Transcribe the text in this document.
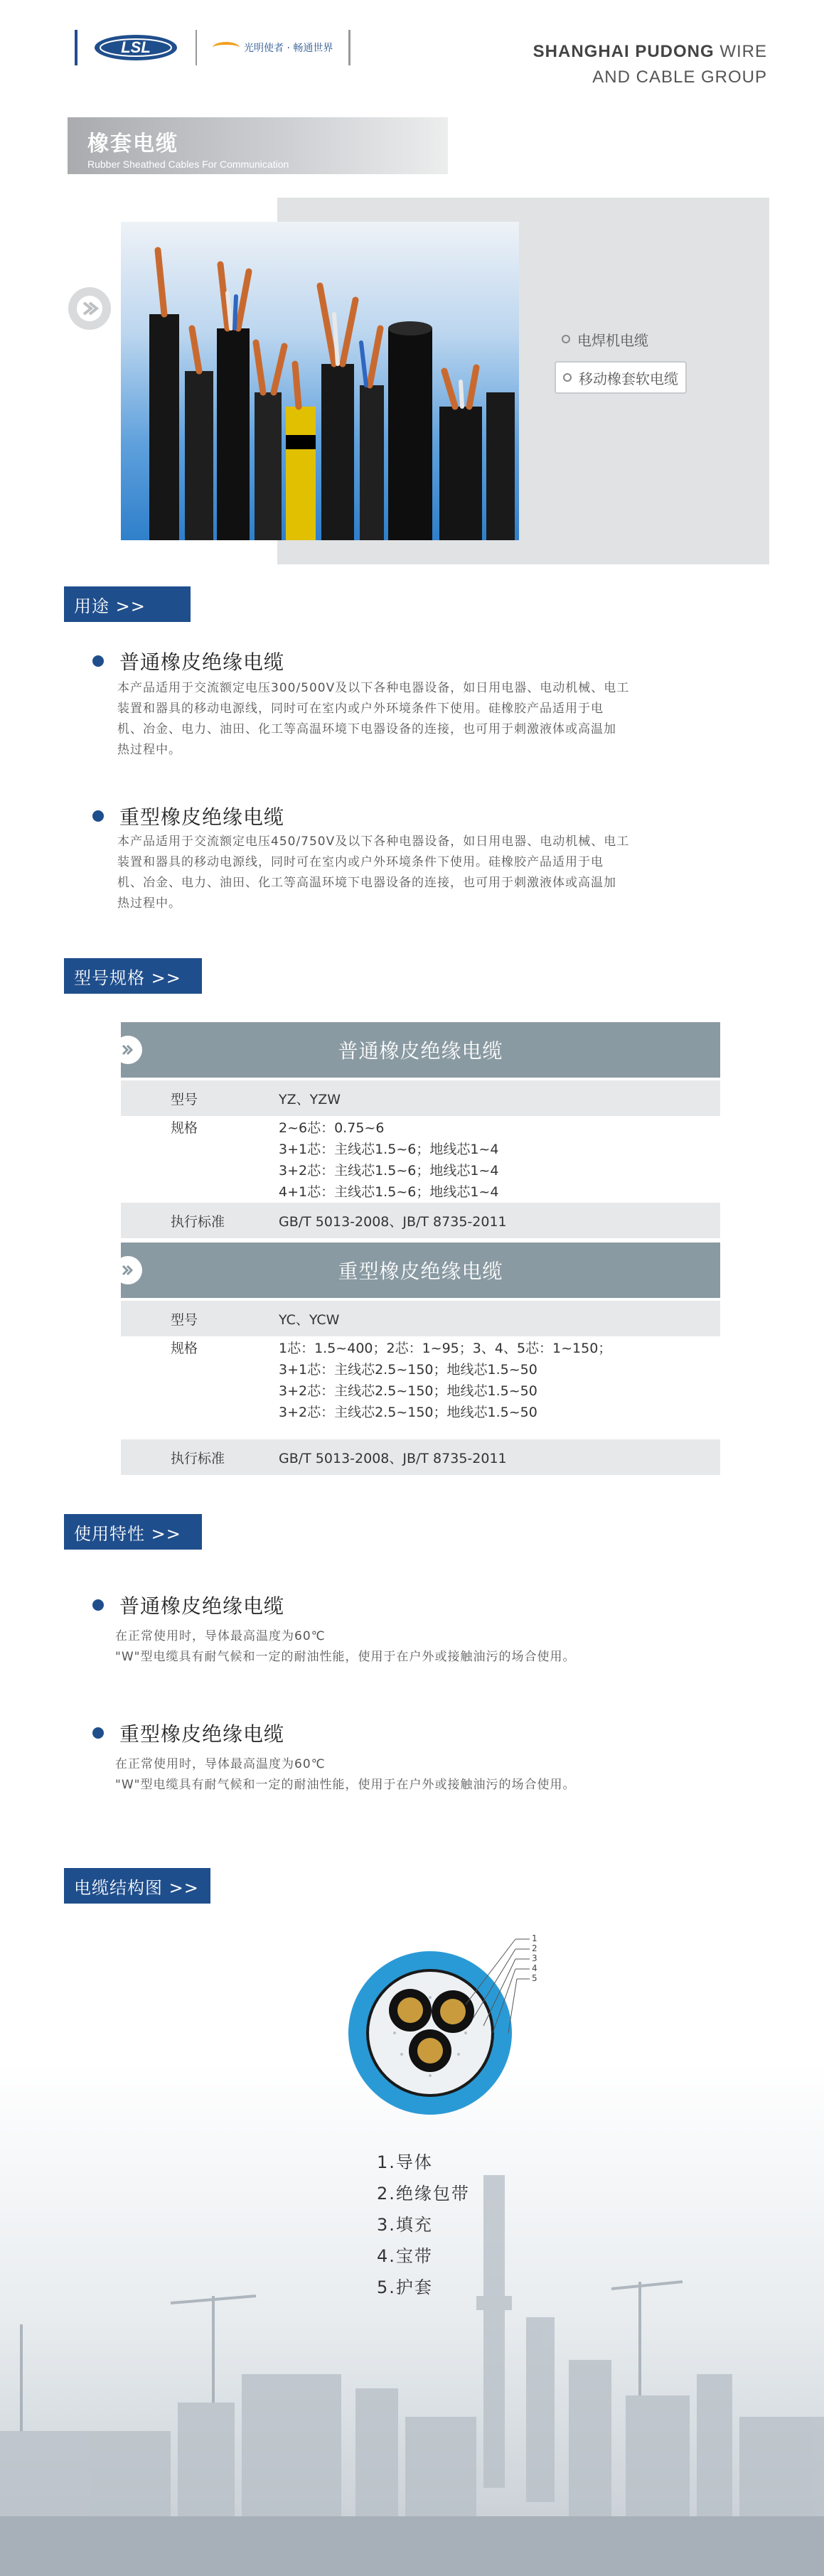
LSL	光明使者 · 畅通世界	SHANGHAI PUDONG WIRE
AND CABLE GROUP
橡套电缆
Rubber Sheathed Cables For Communication
电焊机电缆
移动橡套软电缆
用途 >>
普通橡皮绝缘电缆
本产品适用于交流额定电压300/500V及以下各种电器设备，如日用电器、电动机械、电工
装置和器具的移动电源线，同时可在室内或户外环境条件下使用。硅橡胶产品适用于电
机、冶金、电力、油田、化工等高温环境下电器设备的连接，也可用于刺激液体或高温加
热过程中。
重型橡皮绝缘电缆
本产品适用于交流额定电压450/750V及以下各种电器设备，如日用电器、电动机械、电工
装置和器具的移动电源线，同时可在室内或户外环境条件下使用。硅橡胶产品适用于电
机、冶金、电力、油田、化工等高温环境下电器设备的连接，也可用于刺激液体或高温加
热过程中。
型号规格 >>
普通橡皮绝缘电缆
型号	YZ、YZW
规格	2~6芯：0.75~6
3+1芯：主线芯1.5~6；地线芯1~4
3+2芯：主线芯1.5~6；地线芯1~4
4+1芯：主线芯1.5~6；地线芯1~4
执行标准	GB/T 5013-2008、JB/T 8735-2011
重型橡皮绝缘电缆
型号	YC、YCW
规格	1芯：1.5~400；2芯：1~95；3、4、5芯：1~150；
3+1芯：主线芯2.5~150；地线芯1.5~50
3+2芯：主线芯2.5~150；地线芯1.5~50
3+2芯：主线芯2.5~150；地线芯1.5~50
执行标准	GB/T 5013-2008、JB/T 8735-2011
使用特性 >>
普通橡皮绝缘电缆
在正常使用时，导体最高温度为60℃
"W"型电缆具有耐气候和一定的耐油性能，使用于在户外或接触油污的场合使用。
重型橡皮绝缘电缆
在正常使用时，导体最高温度为60℃
"W"型电缆具有耐气候和一定的耐油性能，使用于在户外或接触油污的场合使用。
电缆结构图 >>
1
2
3
4
5
1.导体
2.绝缘包带
3.填充
4.宝带
5.护套
